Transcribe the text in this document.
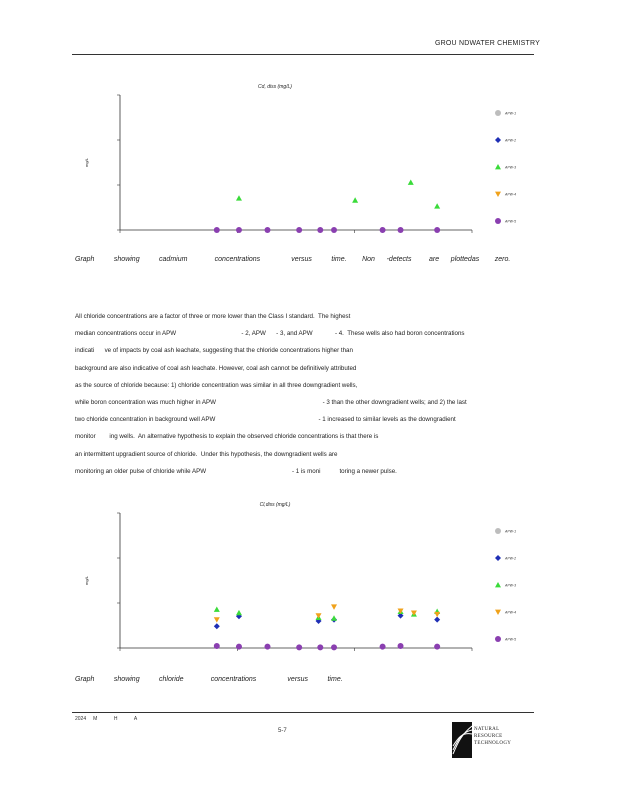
GROU NDWATER CHEMISTRY
Cd, diss (mg/L)
mg/L
APW-1
APW-2
APW-3
APW-4
APW-5
Graph          showing          cadmium              concentrations                versus          time.        Non      -detects         are      plottedas        zero.

All chloride concentrations are a factor of three or more lower than the Class I standard.  The highest

median concentrations occur in APW                                      - 2, APW      - 3, and APW             - 4.  These wells also had boron concentrations

indicati      ve of impacts by coal ash leachate, suggesting that the chloride concentrations higher than

background are also indicative of coal ash leachate. However, coal ash cannot be definitively attributed

as the source of chloride because: 1) chloride concentration was similar in all three downgradient wells,

while boron concentration was much higher in APW                                                              - 3 than the other downgradient wells; and 2) the last

two chloride concentration in background well APW                                                            - 1 increased to similar levels as the downgradient

monitor        ing wells.  An alternative hypothesis to explain the observed chloride concentrations is that there is

an intermittent upgradient source of chloride.  Under this hypothesis, the downgradient wells are

monitoring an older pulse of chloride while APW                                                  - 1 is moni           toring a newer pulse.

Cl,diss (mg/L)
mg/L
APW-1
APW-2
APW-3
APW-4
APW-5
Graph          showing          chloride              concentrations                versus          time.
2024     M            H            A
5-7	NATURAL
RESOURCE
TECHNOLOGY
